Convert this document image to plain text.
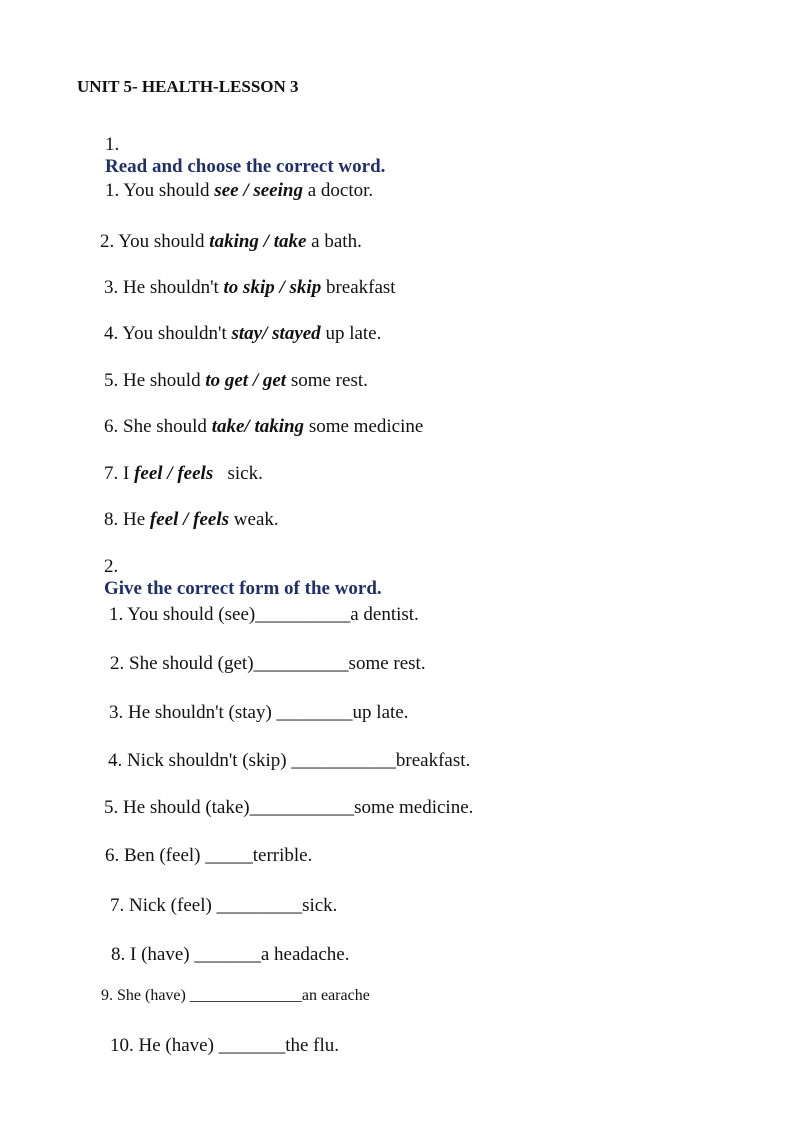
UNIT 5- HEALTH-LESSON 3

1.
Read and choose the correct word.

1. You should see / seeing a doctor.

2. You should taking / take a bath.

3. He shouldn't to skip / skip breakfast

4. You shouldn't stay/ stayed up late.

5. He should to get / get some rest.

6. She should take/ taking some medicine

7. I feel / feels   sick.

8. He feel / feels weak.

2.
Give the correct form of the word.

1. You should (see)__________a dentist.

2. She should (get)__________some rest.

3. He shouldn't (stay) ________up late.

4. Nick shouldn't (skip) ___________breakfast.

5. He should (take)___________some medicine.

6. Ben (feel) _____terrible.

7. Nick (feel) _________sick.

8. I (have) _______a headache.

9. She (have) ______________an earache

10. He (have) _______the flu.
